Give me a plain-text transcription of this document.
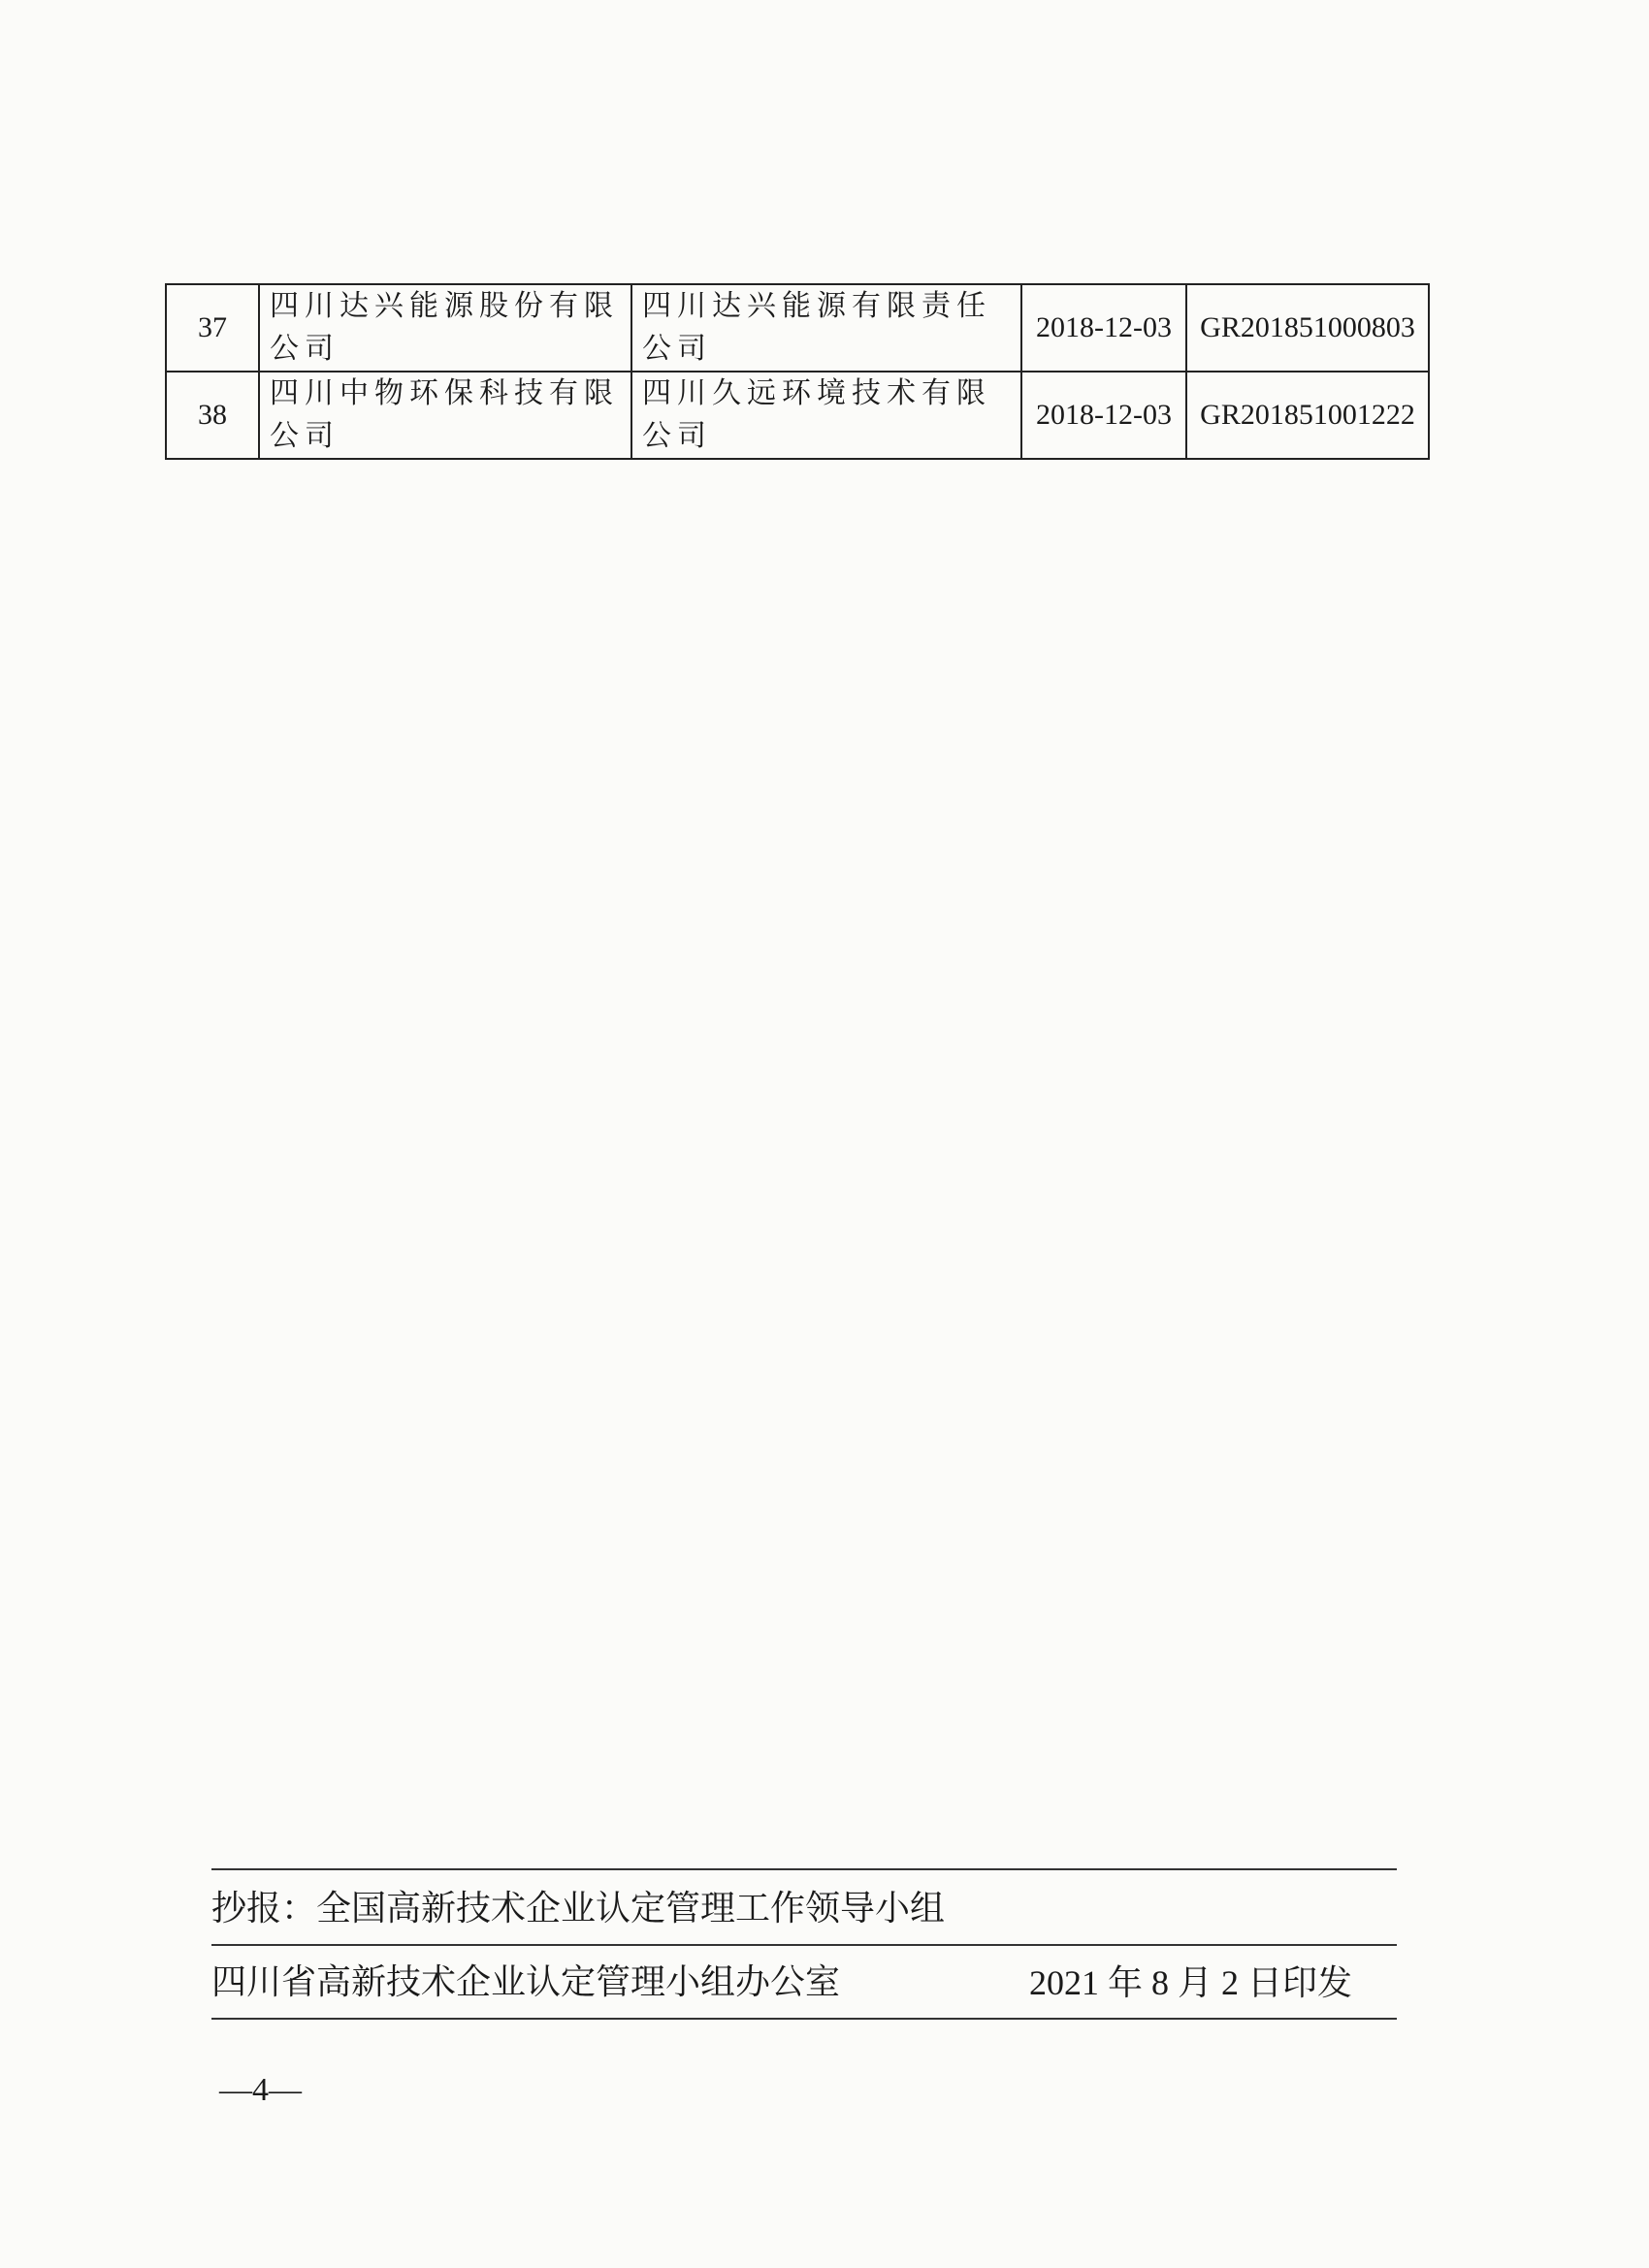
37	四川达兴能源股份有限公司	四川达兴能源有限责任公司	2018-12-03	GR201851000803
38	四川中物环保科技有限公司	四川久远环境技术有限公司	2018-12-03	GR201851001222
抄报：全国高新技术企业认定管理工作领导小组
四川省高新技术企业认定管理小组办公室	2021 年 8 月 2 日印发
—4—
